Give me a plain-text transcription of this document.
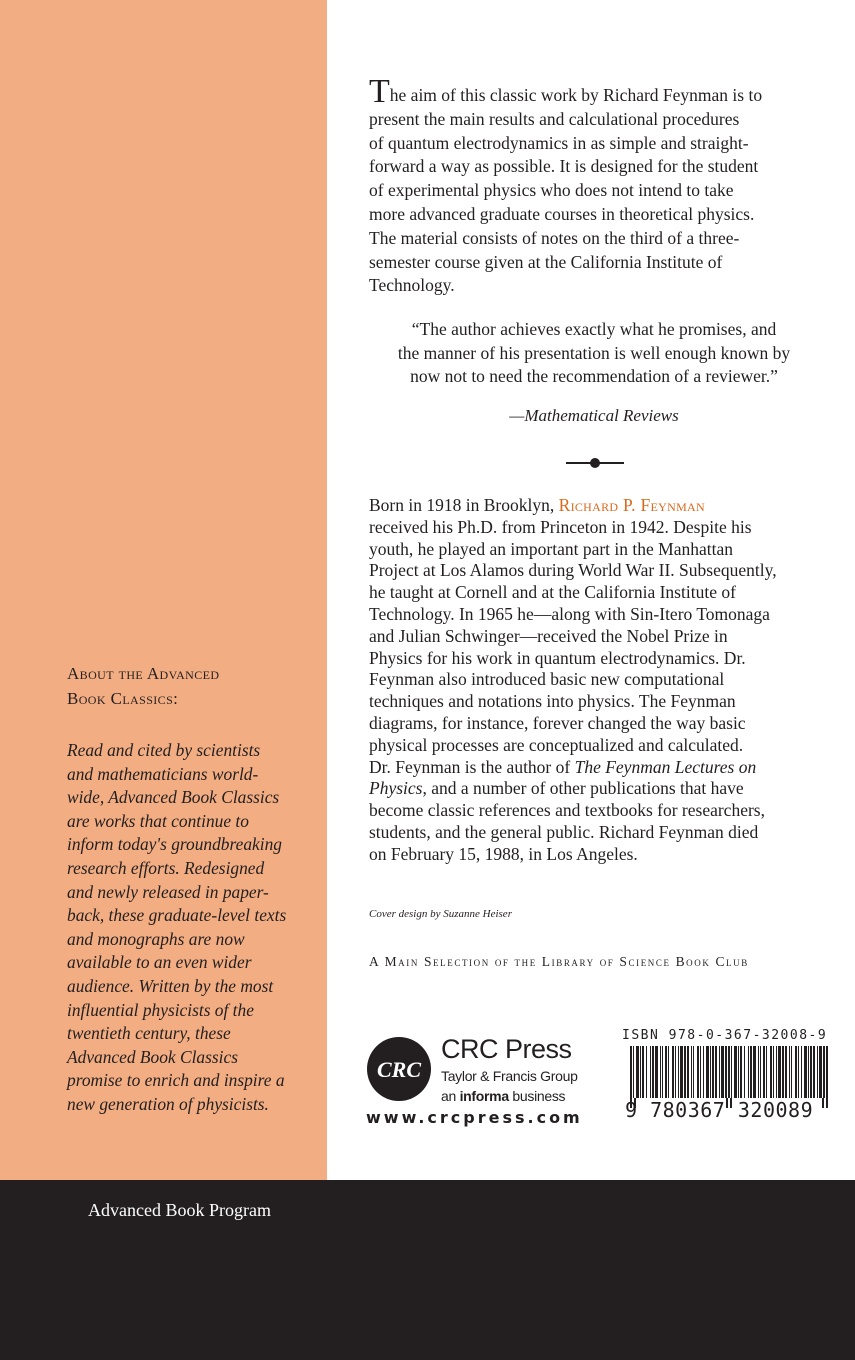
About the Advanced
Book Classics:
Read and cited by scientists
and mathematicians world-
wide, Advanced Book Classics
are works that continue to
inform today's groundbreaking
research efforts. Redesigned
and newly released in paper-
back, these graduate-level texts
and monographs are now
available to an even wider
audience. Written by the most
influential physicists of the
twentieth century, these
Advanced Book Classics
promise to enrich and inspire a
new generation of physicists.
The aim of this classic work by Richard Feynman is to
present the main results and calculational procedures
of quantum electrodynamics in as simple and straight-
forward a way as possible. It is designed for the student
of experimental physics who does not intend to take
more advanced graduate courses in theoretical physics.
The material consists of notes on the third of a three-
semester course given at the California Institute of
Technology.
“The author achieves exactly what he promises, and
the manner of his presentation is well enough known by
now not to need the recommendation of a reviewer.”
—Mathematical Reviews
Born in 1918 in Brooklyn, Richard P. Feynman
received his Ph.D. from Princeton in 1942. Despite his
youth, he played an important part in the Manhattan
Project at Los Alamos during World War II. Subsequently,
he taught at Cornell and at the California Institute of
Technology. In 1965 he—along with Sin-Itero Tomonaga
and Julian Schwinger—received the Nobel Prize in
Physics for his work in quantum electrodynamics. Dr.
Feynman also introduced basic new computational
techniques and notations into physics. The Feynman
diagrams, for instance, forever changed the way basic
physical processes are conceptualized and calculated.
Dr. Feynman is the author of The Feynman Lectures on
Physics, and a number of other publications that have
become classic references and textbooks for researchers,
students, and the general public. Richard Feynman died
on February 15, 1988, in Los Angeles.
Cover design by Suzanne Heiser
A Main Selection of the Library of Science Book Club
CRC
CRC Press
Taylor & Francis Group
an informa business
www.crcpress.com
ISBN 978-0-367-32008-9
9 780367 320089
Advanced Book Program
